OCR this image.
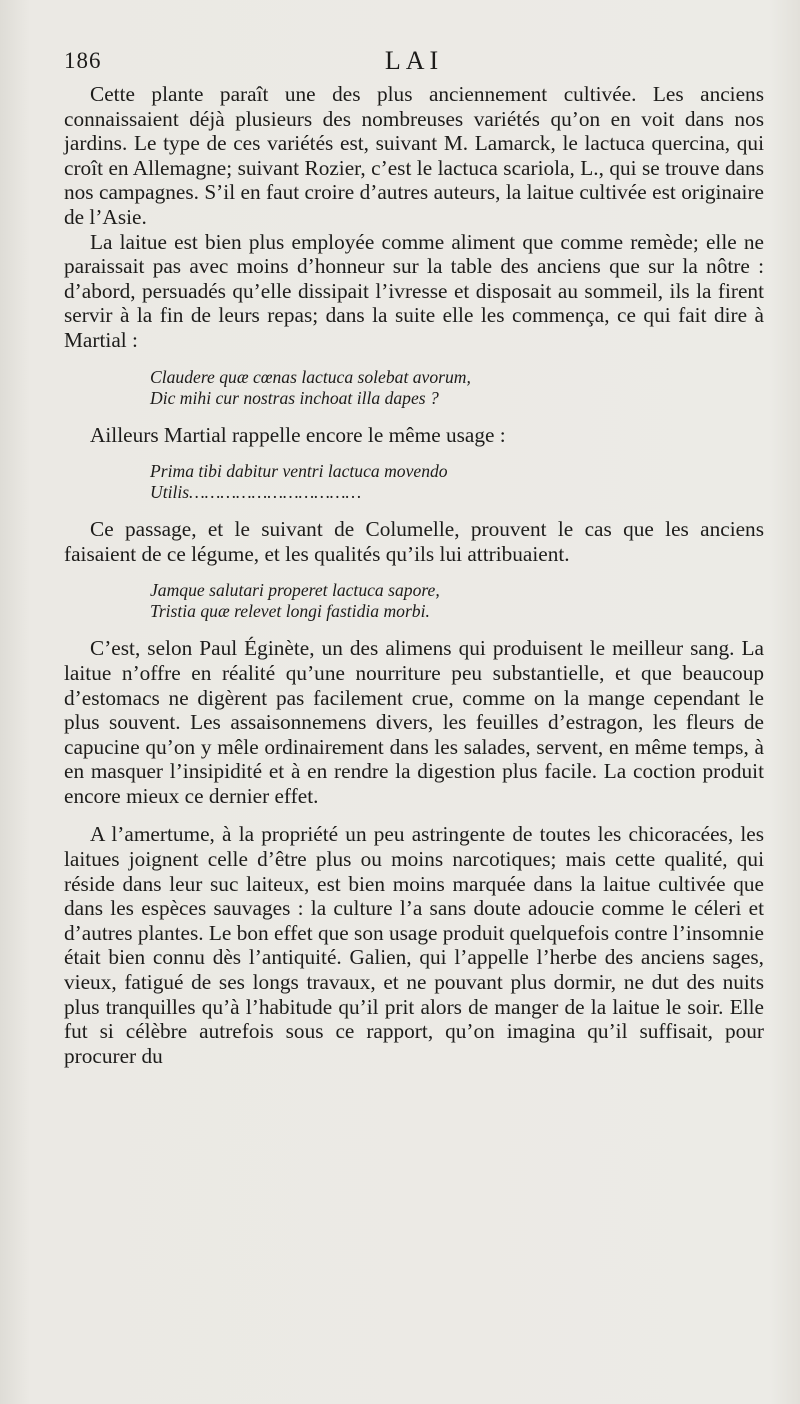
186	LAI

Cette plante paraît une des plus anciennement cultivée. Les anciens connaissaient déjà plusieurs des nombreuses variétés qu’on en voit dans nos jardins. Le type de ces variétés est, suivant M. Lamarck, le lactuca quercina, qui croît en Allemagne; suivant Rozier, c’est le lactuca scariola, L., qui se trouve dans nos campagnes. S’il en faut croire d’autres auteurs, la laitue cultivée est originaire de l’Asie.

La laitue est bien plus employée comme aliment que comme remède; elle ne paraissait pas avec moins d’honneur sur la table des anciens que sur la nôtre : d’abord, persuadés qu’elle dissipait l’ivresse et disposait au sommeil, ils la firent servir à la fin de leurs repas; dans la suite elle les commença, ce qui fait dire à Martial :

Claudere quæ cœnas lactuca solebat avorum,
Dic mihi cur nostras inchoat illa dapes ?

Ailleurs Martial rappelle encore le même usage :

Prima tibi dabitur ventri lactuca movendo
Utilis……………………………

Ce passage, et le suivant de Columelle, prouvent le cas que les anciens faisaient de ce légume, et les qualités qu’ils lui attribuaient.

Jamque salutari properet lactuca sapore,
Tristia quæ relevet longi fastidia morbi.

C’est, selon Paul Éginète, un des alimens qui produisent le meilleur sang. La laitue n’offre en réalité qu’une nourriture peu substantielle, et que beaucoup d’estomacs ne digèrent pas facilement crue, comme on la mange cependant le plus souvent. Les assaisonnemens divers, les feuilles d’estragon, les fleurs de capucine qu’on y mêle ordinairement dans les salades, servent, en même temps, à en masquer l’insipidité et à en rendre la digestion plus facile. La coction produit encore mieux ce dernier effet.

A l’amertume, à la propriété un peu astringente de toutes les chicoracées, les laitues joignent celle d’être plus ou moins narcotiques; mais cette qualité, qui réside dans leur suc laiteux, est bien moins marquée dans la laitue cultivée que dans les espèces sauvages : la culture l’a sans doute adoucie comme le céleri et d’autres plantes. Le bon effet que son usage produit quelquefois contre l’insomnie était bien connu dès l’antiquité. Galien, qui l’appelle l’herbe des anciens sages, vieux, fatigué de ses longs travaux, et ne pouvant plus dormir, ne dut des nuits plus tranquilles qu’à l’habitude qu’il prit alors de manger de la laitue le soir. Elle fut si célèbre autrefois sous ce rapport, qu’on imagina qu’il suffisait, pour procurer du
